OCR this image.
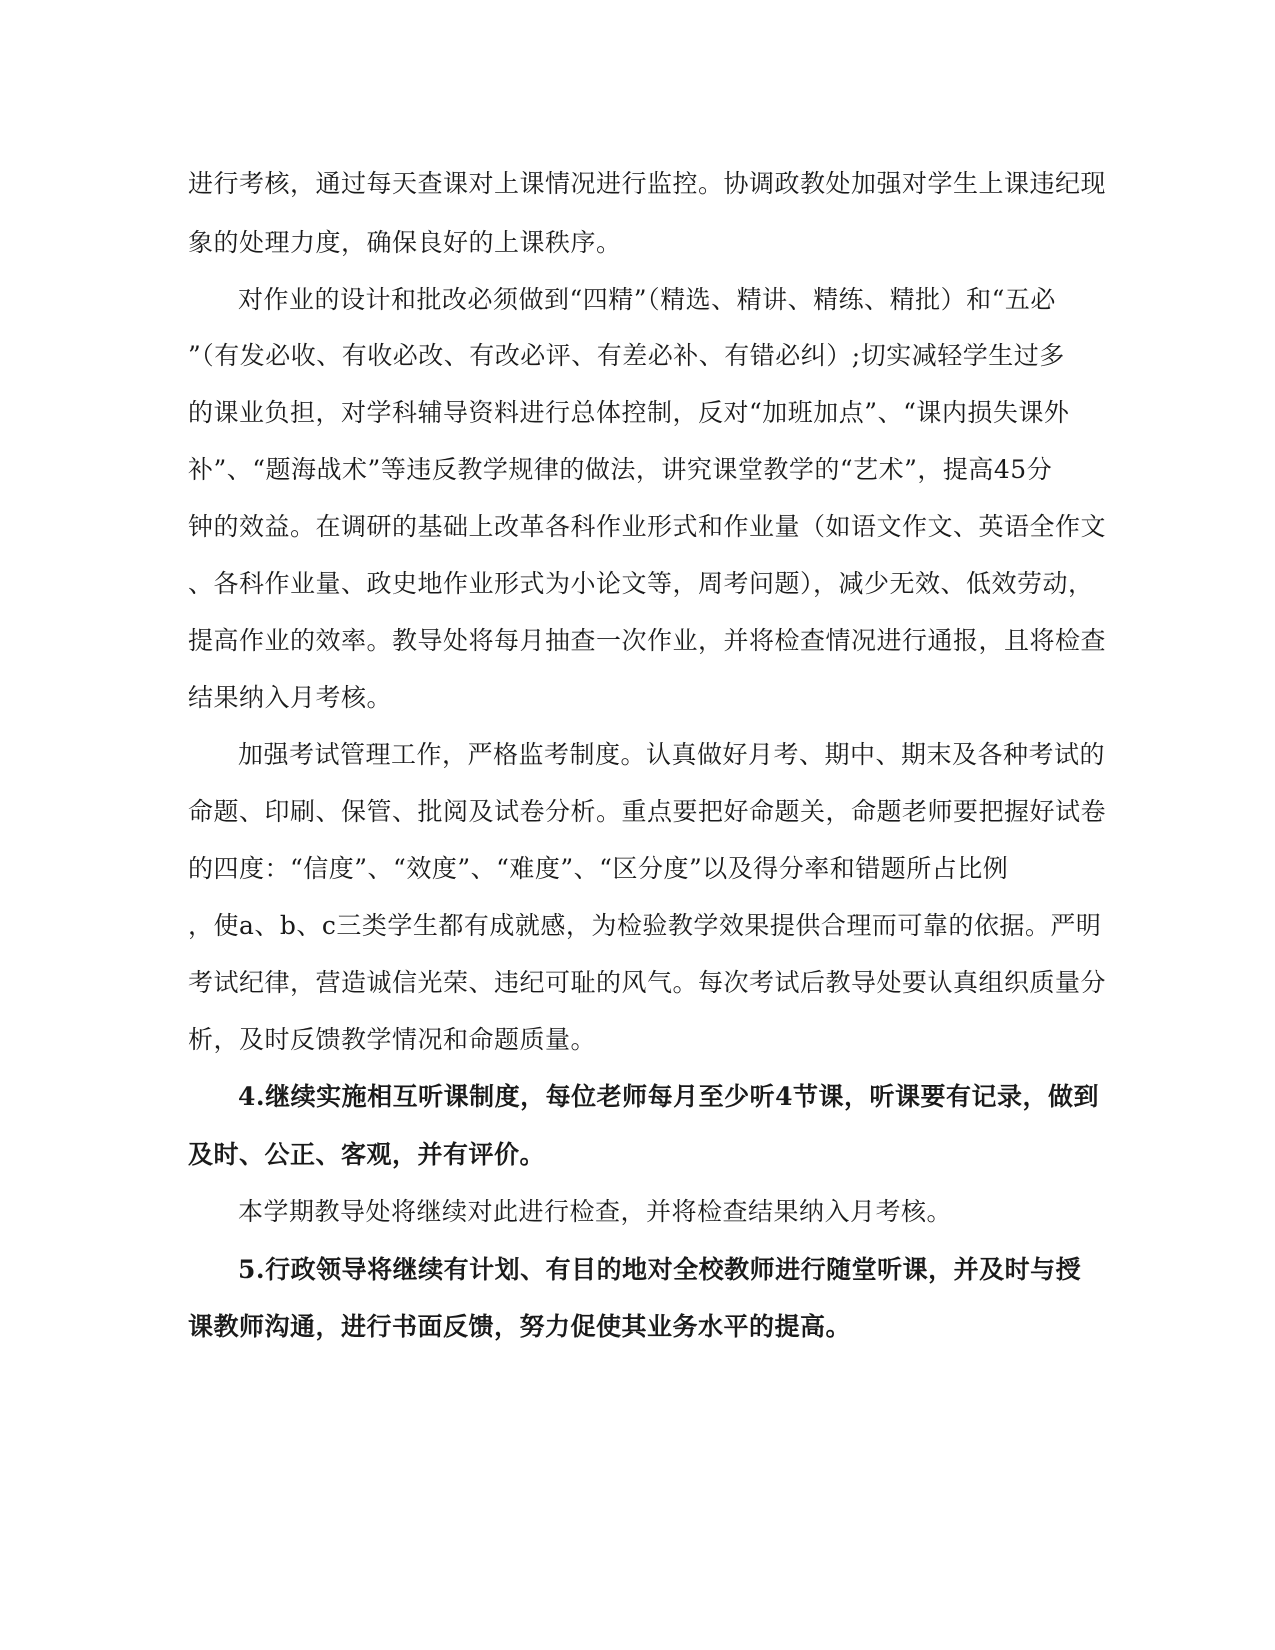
进行考核，通过每天查课对上课情况进行监控。协调政教处加强对学生上课违纪现
象的处理力度，确保良好的上课秩序。
对作业的设计和批改必须做到“四精”（精选、精讲、精练、精批）和“五必
”（有发必收、有收必改、有改必评、有差必补、有错必纠）;切实减轻学生过多
的课业负担，对学科辅导资料进行总体控制，反对“加班加点”、“课内损失课外
补”、“题海战术”等违反教学规律的做法，讲究课堂教学的“艺术”，提高45分
钟的效益。在调研的基础上改革各科作业形式和作业量（如语文作文、英语全作文
、各科作业量、政史地作业形式为小论文等，周考问题），减少无效、低效劳动，
提高作业的效率。教导处将每月抽查一次作业，并将检查情况进行通报，且将检查
结果纳入月考核。
加强考试管理工作，严格监考制度。认真做好月考、期中、期末及各种考试的
命题、印刷、保管、批阅及试卷分析。重点要把好命题关，命题老师要把握好试卷
的四度：“信度”、“效度”、“难度”、“区分度”以及得分率和错题所占比例
，使a、b、c三类学生都有成就感，为检验教学效果提供合理而可靠的依据。严明
考试纪律，营造诚信光荣、违纪可耻的风气。每次考试后教导处要认真组织质量分
析，及时反馈教学情况和命题质量。
4.继续实施相互听课制度，每位老师每月至少听4节课，听课要有记录，做到
及时、公正、客观，并有评价。
本学期教导处将继续对此进行检查，并将检查结果纳入月考核。
5.行政领导将继续有计划、有目的地对全校教师进行随堂听课，并及时与授
课教师沟通，进行书面反馈，努力促使其业务水平的提高。
